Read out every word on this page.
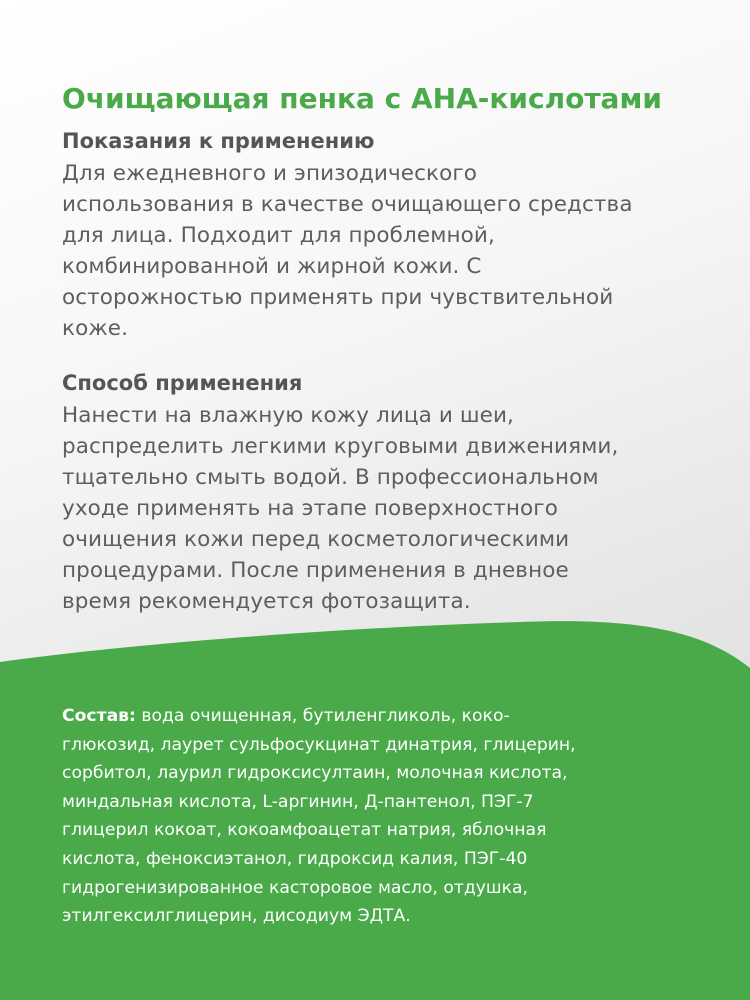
Очищающая пенка с АНА-кислотами
Показания к применению

Для ежедневного и эпизодического
использования в качестве очищающего средства
для лица. Подходит для проблемной,
комбинированной и жирной кожи. С
осторожностью применять при чувствительной
коже.

Способ применения

Нанести на влажную кожу лица и шеи,
распределить легкими круговыми движениями,
тщательно смыть водой. В профессиональном
уходе применять на этапе поверхностного
очищения кожи перед косметологическими
процедурами. После применения в дневное
время рекомендуется фотозащита.

Состав: вода очищенная, бутиленгликоль, коко-
глюкозид, лаурет сульфосукцинат динатрия, глицерин,
сорбитол, лаурил гидроксисултаин, молочная кислота,
миндальная кислота, L-аргинин, Д-пантенол, ПЭГ-7
глицерил кокоат, кокоамфоацетат натрия, яблочная
кислота, феноксиэтанол, гидроксид калия, ПЭГ-40
гидрогенизированное касторовое масло, отдушка,
этилгексилглицерин, дисодиум ЭДТА.
